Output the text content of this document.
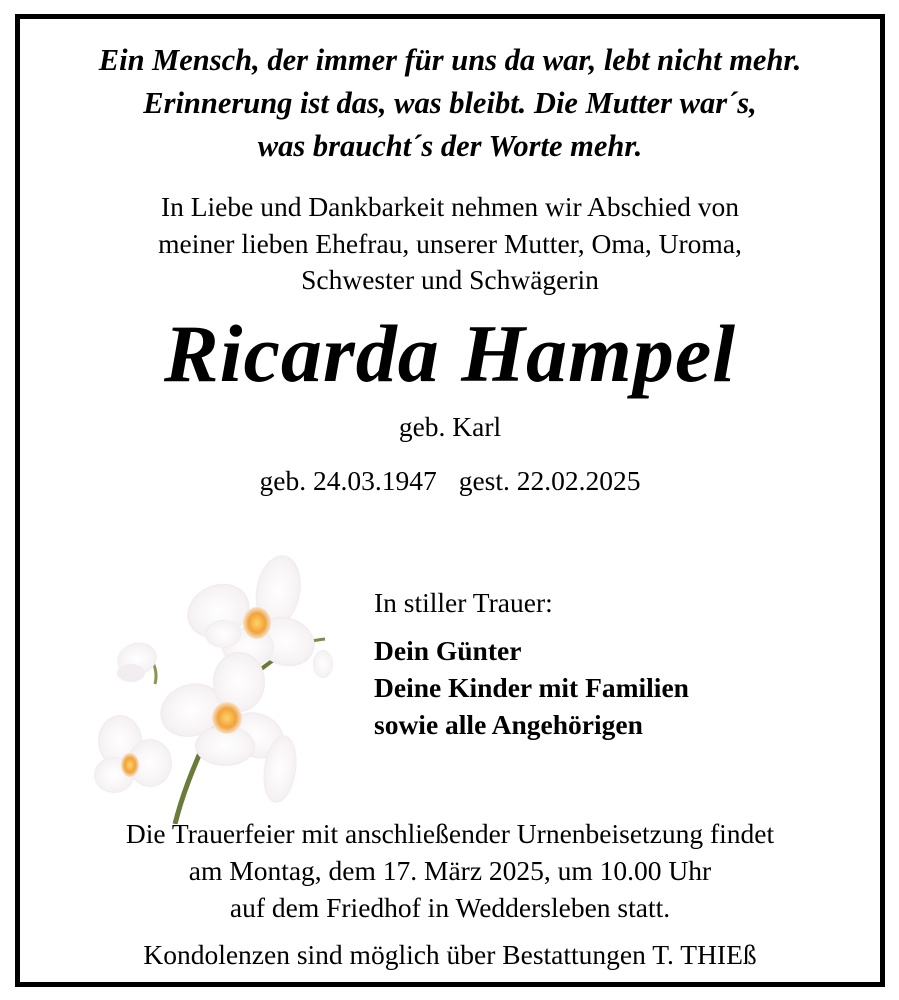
Ein Mensch, der immer für uns da war, lebt nicht mehr.
Erinnerung ist das, was bleibt. Die Mutter war´s,
was braucht´s der Worte mehr.
In Liebe und Dankbarkeit nehmen wir Abschied von
meiner lieben Ehefrau, unserer Mutter, Oma, Uroma,
Schwester und Schwägerin
Ricarda Hampel
geb. Karl
geb. 24.03.1947 gest. 22.02.2025
In stiller Trauer:
Dein Günter
Deine Kinder mit Familien
sowie alle Angehörigen
Die Trauerfeier mit anschließender Urnenbeisetzung findet
am Montag, dem 17. März 2025, um 10.00 Uhr
auf dem Friedhof in Weddersleben statt.
Kondolenzen sind möglich über Bestattungen T. THIEß
